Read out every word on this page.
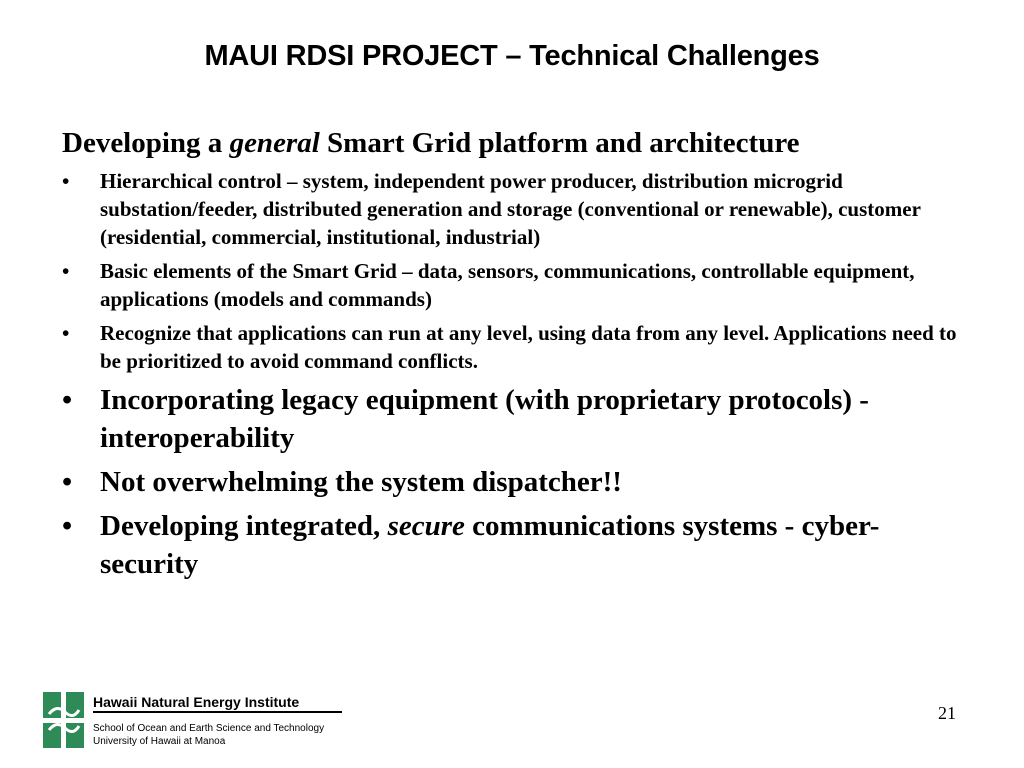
MAUI RDSI PROJECT – Technical Challenges
Developing a general Smart Grid platform and architecture
• Hierarchical control – system, independent power producer, distribution microgrid substation/feeder, distributed generation and storage (conventional or renewable), customer (residential, commercial, institutional, industrial)
• Basic elements of the Smart Grid – data, sensors, communications, controllable equipment, applications (models and commands)
• Recognize that applications can run at any level, using data from any level. Applications need to be prioritized to avoid command conflicts.
• Incorporating legacy equipment (with proprietary protocols) - interoperability
• Not overwhelming the system dispatcher!!
• Developing integrated, secure communications systems - cyber-security
Hawaii Natural Energy Institute
School of Ocean and Earth Science and Technology
University of Hawaii at Manoa
21
